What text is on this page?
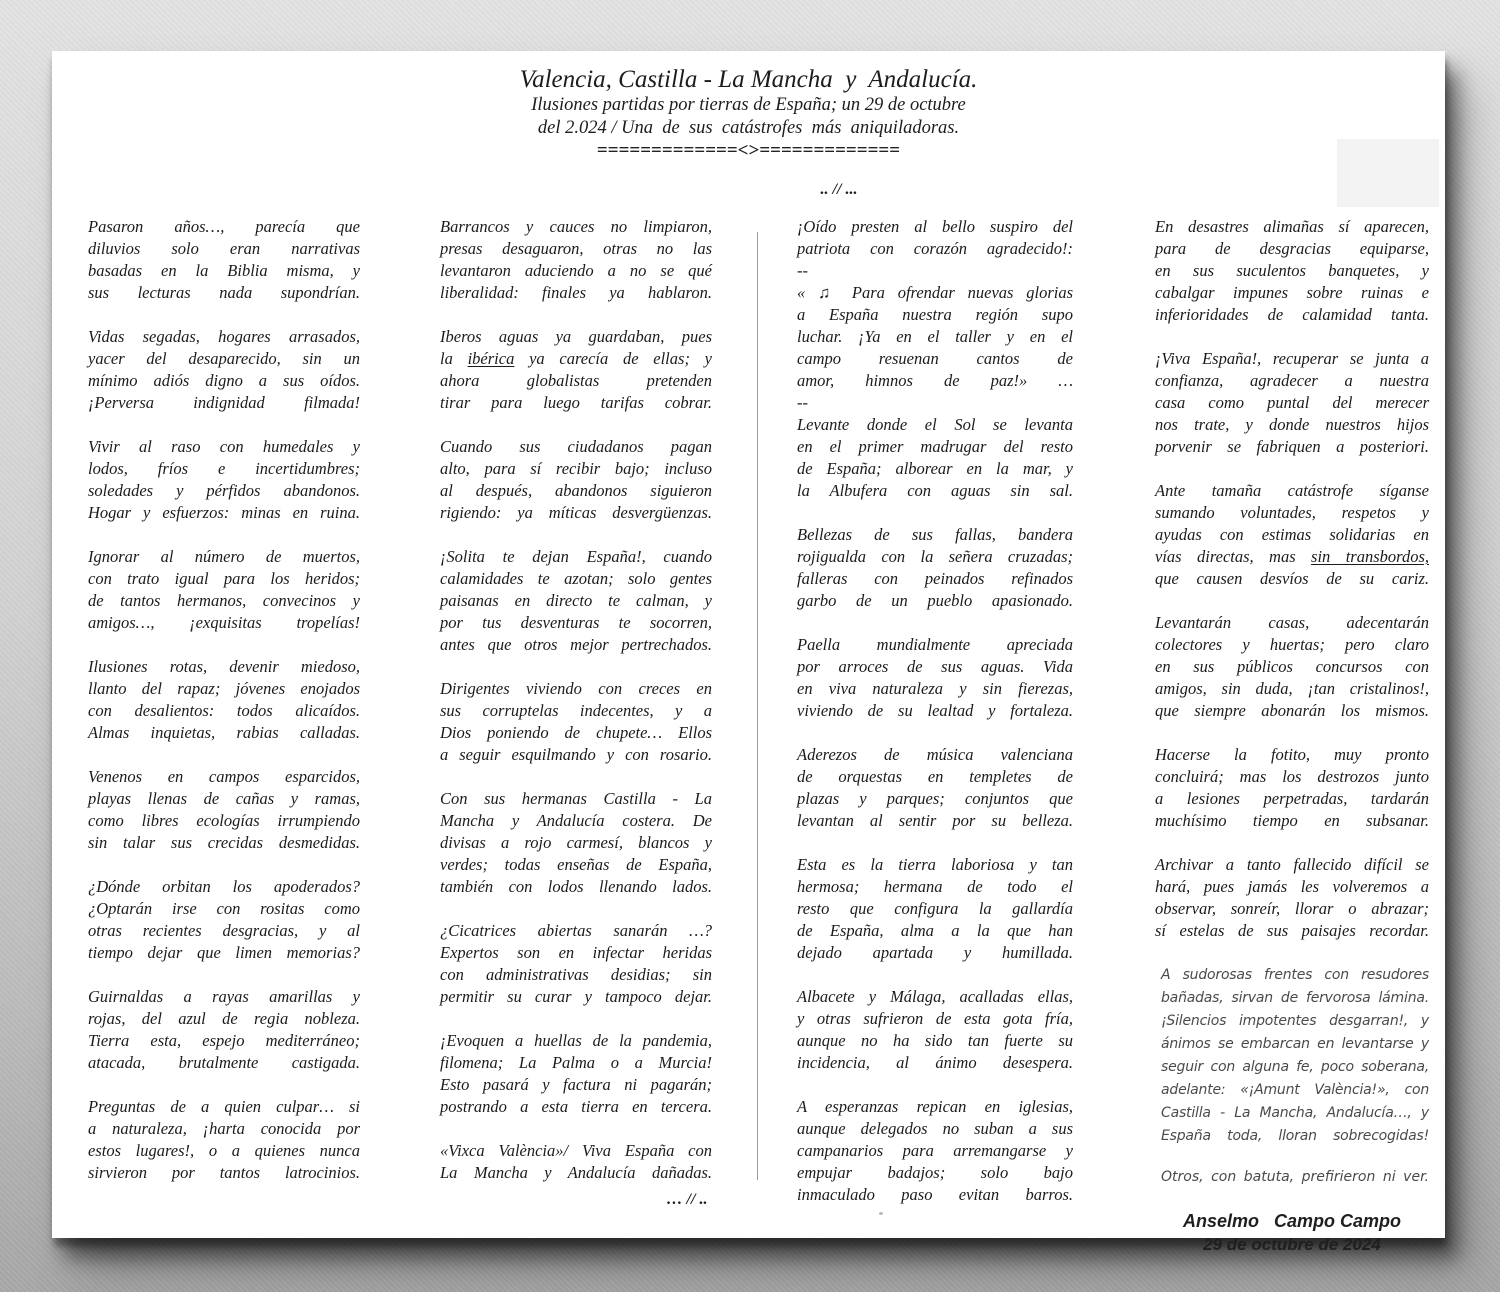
Valencia, Castilla - La Mancha  y  Andalucía.
Ilusiones partidas por tierras de España; un 29 de octubre
del 2.024 / Una  de  sus  catástrofes  más  aniquiladoras.
=============<>=============
.. // ...

Pasaron años…, parecía que
diluvios solo eran narrativas
basadas en la Biblia misma, y
sus lecturas nada supondrían.

Vidas segadas, hogares arrasados,
yacer del desaparecido, sin un
mínimo adiós digno a sus oídos.
¡Perversa indignidad filmada!

Vivir al raso con humedales y
lodos, fríos e incertidumbres;
soledades y pérfidos abandonos.
Hogar y esfuerzos: minas en ruina.

Ignorar al número de muertos,
con trato igual para los heridos;
de tantos hermanos, convecinos y
amigos…, ¡exquisitas tropelías!

Ilusiones rotas, devenir miedoso,
llanto del rapaz; jóvenes enojados
con desalientos: todos alicaídos.
Almas inquietas, rabias calladas.

Venenos en campos esparcidos,
playas llenas de cañas y ramas,
como libres ecologías irrumpiendo
sin talar sus crecidas desmedidas.

¿Dónde orbitan los apoderados?
¿Optarán irse con rositas como
otras recientes desgracias, y al
tiempo dejar que limen memorias?

Guirnaldas a rayas amarillas y
rojas, del azul de regia nobleza.
Tierra esta, espejo mediterráneo;
atacada, brutalmente castigada.

Preguntas de a quien culpar… si
a naturaleza, ¡harta conocida por
estos lugares!, o a quienes nunca
sirvieron por tantos latrocinios.

Barrancos y cauces no limpiaron,
presas desaguaron, otras no las
levantaron aduciendo a no se qué
liberalidad: finales ya hablaron.

Iberos aguas ya guardaban, pues
la ibérica ya carecía de ellas; y
ahora globalistas pretenden
tirar para luego tarifas cobrar.

Cuando sus ciudadanos pagan
alto, para sí recibir bajo; incluso
al después, abandonos siguieron
rigiendo: ya míticas desvergüenzas.

¡Solita te dejan España!, cuando
calamidades te azotan; solo gentes
paisanas en directo te calman, y
por tus desventuras te socorren,
antes que otros mejor pertrechados.

Dirigentes viviendo con creces en
sus corruptelas indecentes, y a
Dios poniendo de chupete… Ellos
a seguir esquilmando y con rosario.

Con sus hermanas Castilla - La
Mancha y Andalucía costera. De
divisas a rojo carmesí, blancos y
verdes; todas enseñas de España,
también con lodos llenando lados.

¿Cicatrices abiertas sanarán …?
Expertos son en infectar heridas
con administrativas desidias; sin
permitir su curar y tampoco dejar.

¡Evoquen a huellas de la pandemia,
filomena; La Palma o a Murcia!
Esto pasará y factura ni pagarán;
postrando a esta tierra en tercera.

«Vixca València»/ Viva España con
La Mancha y Andalucía dañadas.

… // ..

¡Oído presten al bello suspiro del
patriota con corazón agradecido!:
--
« ♫ Para ofrendar nuevas glorias
a España nuestra región supo
luchar. ¡Ya en el taller y en el
campo resuenan cantos de
amor, himnos de paz!» …
--
Levante donde el Sol se levanta
en el primer madrugar del resto
de España; alborear en la mar, y
la Albufera con aguas sin sal.

Bellezas de sus fallas, bandera
rojigualda con la señera cruzadas;
falleras con peinados refinados
garbo de un pueblo apasionado.

Paella mundialmente apreciada
por arroces de sus aguas. Vida
en viva naturaleza y sin fierezas,
viviendo de su lealtad y fortaleza.

Aderezos de música valenciana
de orquestas en templetes de
plazas y parques; conjuntos que
levantan al sentir por su belleza.

Esta es la tierra laboriosa y tan
hermosa; hermana de todo el
resto que configura la gallardía
de España, alma a la que han
dejado apartada y humillada.

Albacete y Málaga, acalladas ellas,
y otras sufrieron de esta gota fría,
aunque no ha sido tan fuerte su
incidencia, al ánimo desespera.

A esperanzas repican en iglesias,
aunque delegados no suban a sus
campanarios para arremangarse y
empujar badajos; solo bajo
inmaculado paso evitan barros.

En desastres alimañas sí aparecen,
para de desgracias equiparse,
en sus suculentos banquetes, y
cabalgar impunes sobre ruinas e
inferioridades de calamidad tanta.

¡Viva España!, recuperar se junta a
confianza, agradecer a nuestra
casa como puntal del merecer
nos trate, y donde nuestros hijos
porvenir se fabriquen a posteriori.

Ante tamaña catástrofe síganse
sumando voluntades, respetos y
ayudas con estimas solidarias en
vías directas, mas sin transbordos,
que causen desvíos de su cariz.

Levantarán casas, adecentarán
colectores y huertas; pero claro
en sus públicos concursos con
amigos, sin duda, ¡tan cristalinos!,
que siempre abonarán los mismos.

Hacerse la fotito, muy pronto
concluirá; mas los destrozos junto
a lesiones perpetradas, tardarán
muchísimo tiempo en subsanar.

Archivar a tanto fallecido difícil se
hará, pues jamás les volveremos a
observar, sonreír, llorar o abrazar;
sí estelas de sus paisajes recordar.

A sudorosas frentes con resudores
bañadas, sirvan de fervorosa lámina.
¡Silencios impotentes desgarran!, y
ánimos se embarcan en levantarse y
seguir con alguna fe, poco soberana,
adelante: «¡Amunt València!», con
Castilla - La Mancha, Andalucía…, y
España toda, lloran sobrecogidas!

Otros, con batuta, prefirieron ni ver.

Anselmo   Campo Campo
29 de octubre de 2024
